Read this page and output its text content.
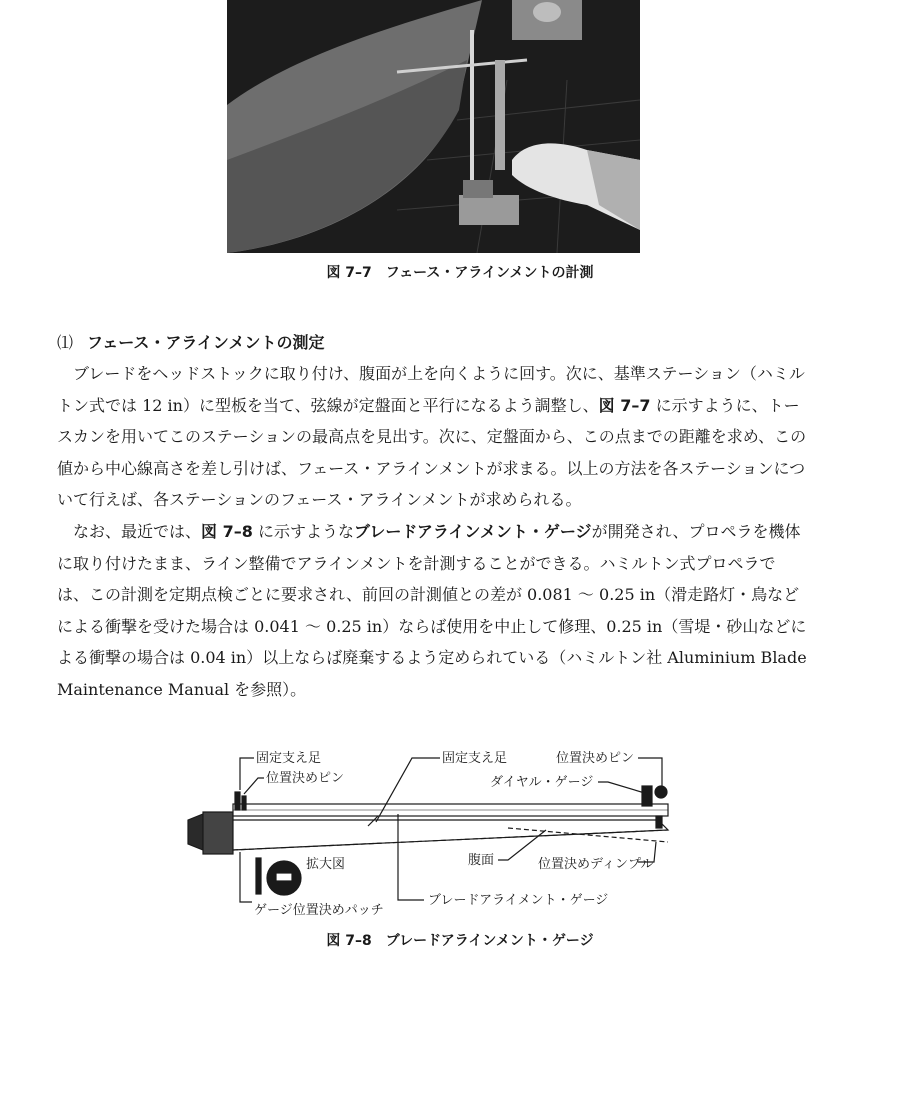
図 7–7 フェース・アラインメントの計測
⑴ フェース・アラインメントの測定

ブレードをヘッドストックに取り付け、腹面が上を向くように回す。次に、基準ステーション（ハミルトン式では 12 in）に型板を当て、弦線が定盤面と平行になるよう調整し、図 7–7 に示すように、トースカンを用いてこのステーションの最高点を見出す。次に、定盤面から、この点までの距離を求め、この値から中心線高さを差し引けば、フェース・アラインメントが求まる。以上の方法を各ステーションについて行えば、各ステーションのフェース・アラインメントが求められる。

なお、最近では、図 7–8 に示すようなブレードアラインメント・ゲージが開発され、プロペラを機体に取り付けたまま、ライン整備でアラインメントを計測することができる。ハミルトン式プロペラでは、この計測を定期点検ごとに要求され、前回の計測値との差が 0.081 〜 0.25 in（滑走路灯・鳥などによる衝撃を受けた場合は 0.041 〜 0.25 in）ならば使用を中止して修理、0.25 in（雪堤・砂山などによる衝撃の場合は 0.04 in）以上ならば廃棄するよう定められている（ハミルトン社 Aluminium Blade Maintenance Manual を参照）。

固定支え足
位置決めピン
固定支え足	位置決めピン
ダイヤル・ゲージ
拡大図	腹面	位置決めディンプル
ゲージ位置決めパッチ
ブレードアライメント・ゲージ
図 7–8 ブレードアラインメント・ゲージ
